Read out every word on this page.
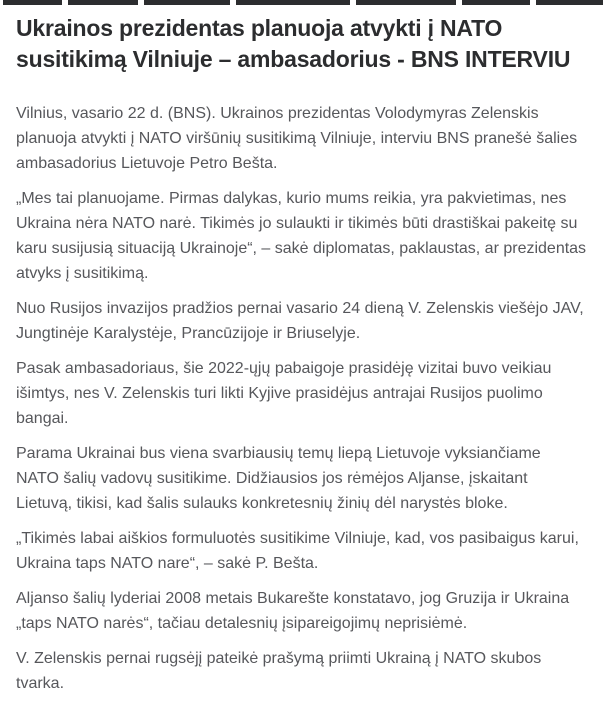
Ukrainos prezidentas planuoja atvykti į NATO susitikimą Vilniuje – ambasadorius - BNS INTERVIU

Vilnius, vasario 22 d. (BNS). Ukrainos prezidentas Volodymyras Zelenskis planuoja atvykti į NATO viršūnių susitikimą Vilniuje, interviu BNS pranešė šalies ambasadorius Lietuvoje Petro Bešta.

„Mes tai planuojame. Pirmas dalykas, kurio mums reikia, yra pakvietimas, nes Ukraina nėra NATO narė. Tikimės jo sulaukti ir tikimės būti drastiškai pakeitę su karu susijusią situaciją Ukrainoje“, – sakė diplomatas, paklaustas, ar prezidentas atvyks į susitikimą.

Nuo Rusijos invazijos pradžios pernai vasario 24 dieną V. Zelenskis viešėjo JAV, Jungtinėje Karalystėje, Prancūzijoje ir Briuselyje.

Pasak ambasadoriaus, šie 2022-ųjų pabaigoje prasidėję vizitai buvo veikiau išimtys, nes V. Zelenskis turi likti Kyjive prasidėjus antrajai Rusijos puolimo bangai.

Parama Ukrainai bus viena svarbiausių temų liepą Lietuvoje vyksiančiame NATO šalių vadovų susitikime. Didžiausios jos rėmėjos Aljanse, įskaitant Lietuvą, tikisi, kad šalis sulauks konkretesnių žinių dėl narystės bloke.

„Tikimės labai aiškios formuluotės susitikime Vilniuje, kad, vos pasibaigus karui, Ukraina taps NATO nare“, – sakė P. Bešta.

Aljanso šalių lyderiai 2008 metais Bukarešte konstatavo, jog Gruzija ir Ukraina „taps NATO narės“, tačiau detalesnių įsipareigojimų neprisiėmė.

V. Zelenskis pernai rugsėjį pateikė prašymą priimti Ukrainą į NATO skubos tvarka.
